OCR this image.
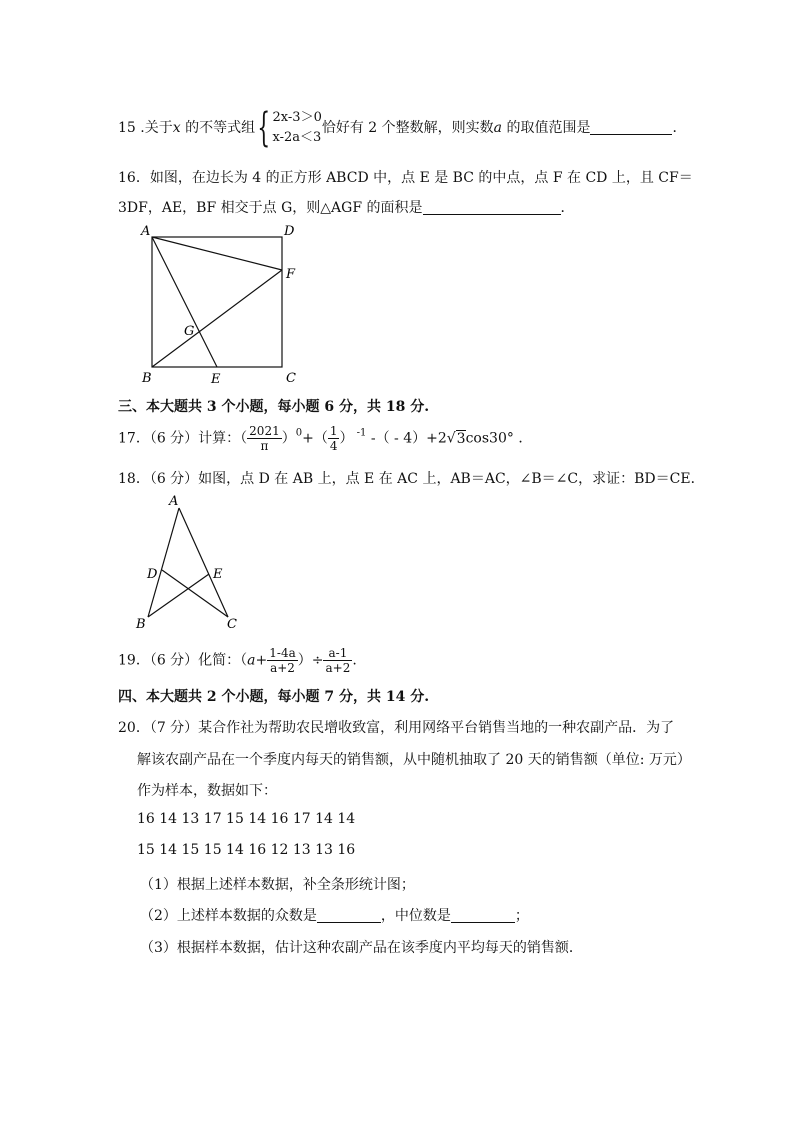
15 .关于x 的不等式组{ 2x-3＞0
x-2a＜3
恰好有 2 个整数解，则实数a 的取值范围是	．
16．如图，在边长为 4 的正方形 ABCD 中，点 E 是 BC 的中点，点 F 在 CD 上，且 CF＝
3DF，AE，BF 相交于点 G，则△AGF 的面积是	．
A	D
F
G
B	E	C
三、本大题共 3 个小题，每小题 6 分，共 18 分.
17．（6 分）计算：（ $\frac{2021}{\pi} )^0+( \frac{1}{4}$ ） $^{-1}$ -（ - 4）+2√3cos30° ．
18．（6 分）如图，点 D 在 AB 上，点 E 在 AC 上，AB＝AC，∠B＝∠C，求证：BD＝CE．
A
D	E
B	C
19．（6 分）化简：（$a+ \frac{1-4a}{a+2}$ ）÷ $\frac{a-1}{a+2}$ .
四、本大题共 2 个小题，每小题 7 分，共 14 分.
20．（7 分）某合作社为帮助农民增收致富，利用网络平台销售当地的一种农副产品．为了
解该农副产品在一个季度内每天的销售额，从中随机抽取了 20 天的销售额（单位: 万元）
作为样本，数据如下：
16 14 13 17 15 14 16 17 14 14
15 14 15 15 14 16 12 13 13 16
（1）根据上述样本数据，补全条形统计图；
（2）上述样本数据的众数是	，中位数是	；
（3）根据样本数据，估计这种农副产品在该季度内平均每天的销售额．
